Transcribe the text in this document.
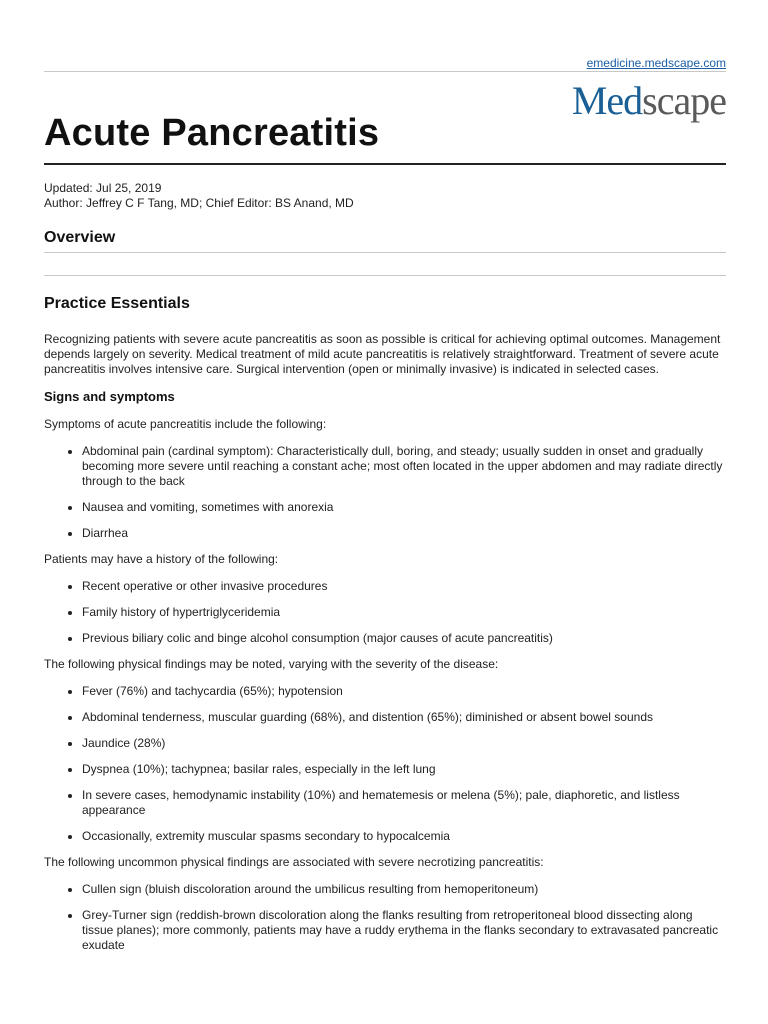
emedicine.medscape.com
Medscape
Acute Pancreatitis
Updated: Jul 25, 2019
Author: Jeffrey C F Tang, MD; Chief Editor: BS Anand, MD
Overview
Practice Essentials

Recognizing patients with severe acute pancreatitis as soon as possible is critical for achieving optimal outcomes. Management depends largely on severity. Medical treatment of mild acute pancreatitis is relatively straightforward. Treatment of severe acute pancreatitis involves intensive care. Surgical intervention (open or minimally invasive) is indicated in selected cases.

Signs and symptoms

Symptoms of acute pancreatitis include the following:

• Abdominal pain (cardinal symptom): Characteristically dull, boring, and steady; usually sudden in onset and gradually becoming more severe until reaching a constant ache; most often located in the upper abdomen and may radiate directly through to the back
• Nausea and vomiting, sometimes with anorexia
• Diarrhea

Patients may have a history of the following:

• Recent operative or other invasive procedures
• Family history of hypertriglyceridemia
• Previous biliary colic and binge alcohol consumption (major causes of acute pancreatitis)

The following physical findings may be noted, varying with the severity of the disease:

• Fever (76%) and tachycardia (65%); hypotension
• Abdominal tenderness, muscular guarding (68%), and distention (65%); diminished or absent bowel sounds
• Jaundice (28%)
• Dyspnea (10%); tachypnea; basilar rales, especially in the left lung
• In severe cases, hemodynamic instability (10%) and hematemesis or melena (5%); pale, diaphoretic, and listless appearance
• Occasionally, extremity muscular spasms secondary to hypocalcemia

The following uncommon physical findings are associated with severe necrotizing pancreatitis:

• Cullen sign (bluish discoloration around the umbilicus resulting from hemoperitoneum)
• Grey-Turner sign (reddish-brown discoloration along the flanks resulting from retroperitoneal blood dissecting along tissue planes); more commonly, patients may have a ruddy erythema in the flanks secondary to extravasated pancreatic exudate
